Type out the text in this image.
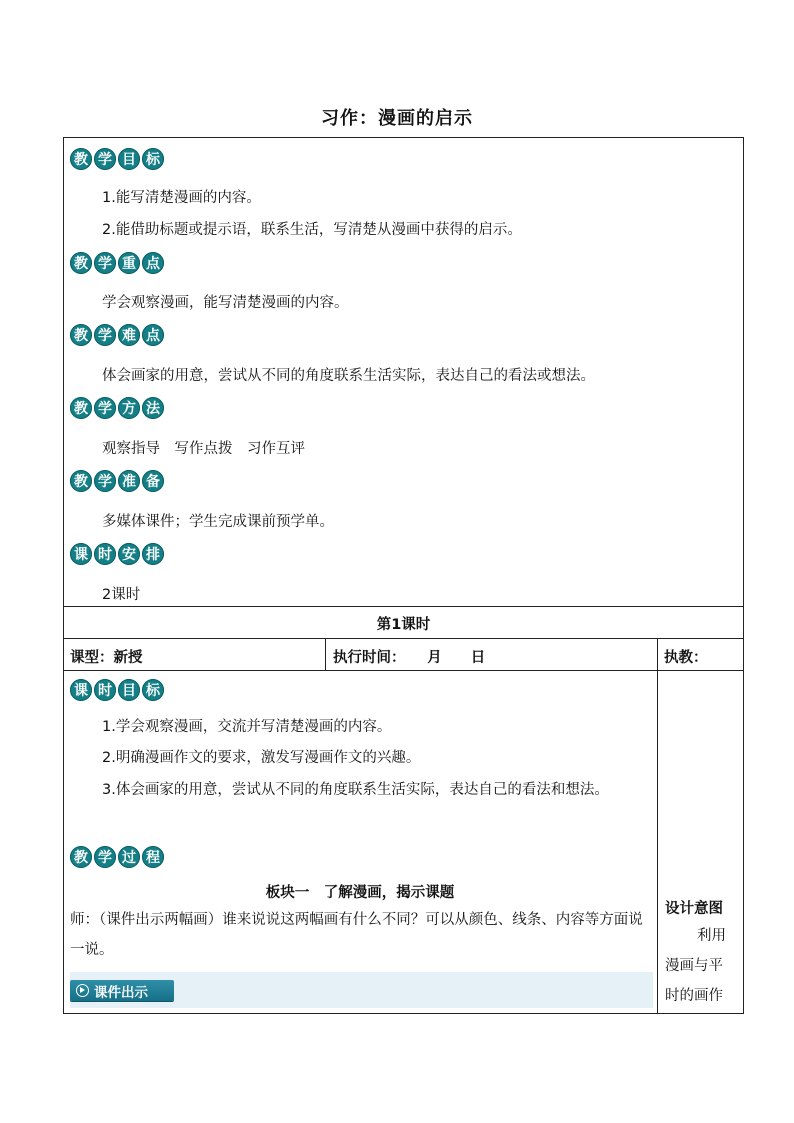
习作：漫画的启示
教 学 目 标
1.能写清楚漫画的内容。
2.能借助标题或提示语，联系生活，写清楚从漫画中获得的启示。
教 学 重 点
学会观察漫画，能写清楚漫画的内容。
教 学 难 点
体会画家的用意，尝试从不同的角度联系生活实际，表达自己的看法或想法。
教 学 方 法
观察指导　写作点拨　习作互评
教 学 准 备
多媒体课件；学生完成课前预学单。
课 时 安 排
2课时
第1课时
课型：新授	执行时间：　　月　　日	执教：
课 时 目 标
1.学会观察漫画，交流并写清楚漫画的内容。
2.明确漫画作文的要求，激发写漫画作文的兴趣。
3.体会画家的用意，尝试从不同的角度联系生活实际，表达自己的看法和想法。
教 学 过 程
板块一　了解漫画，揭示课题
师：（课件出示两幅画）谁来说说这两幅画有什么不同？可以从颜色、线条、内容等方面说一说。
课件出示
设计意图
利用漫画与平时的画作
